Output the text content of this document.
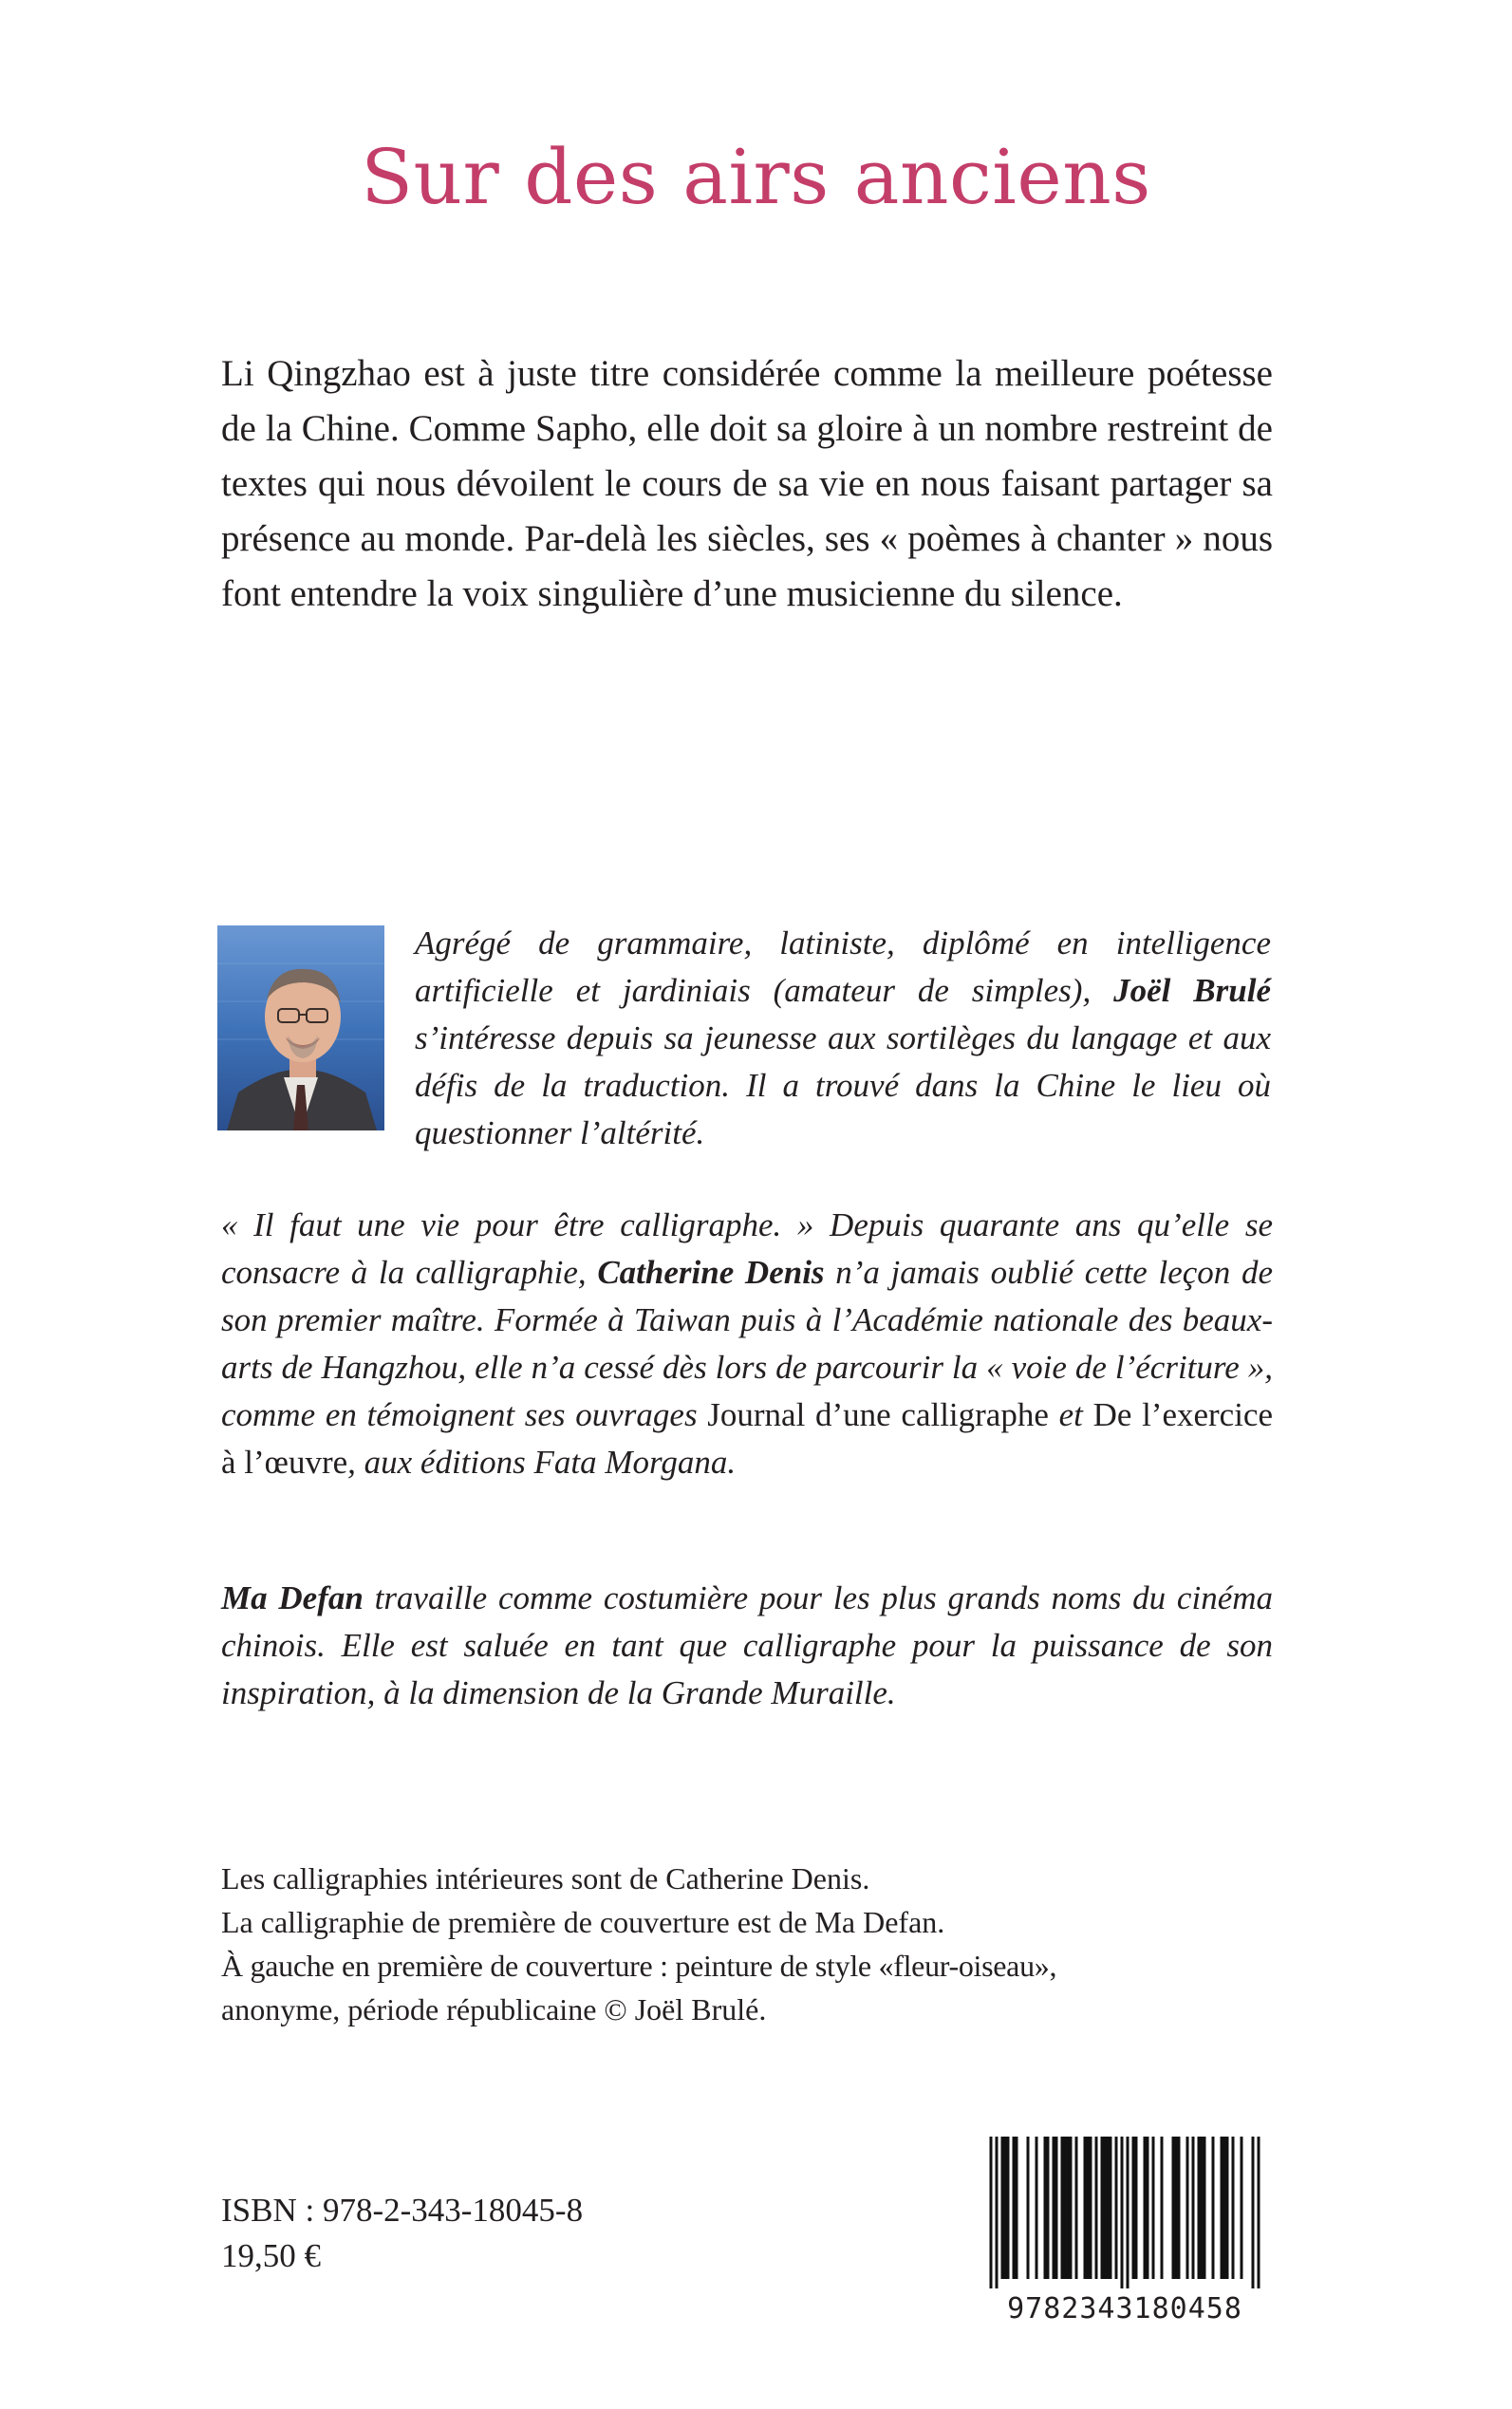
Sur des airs anciens

Li Qingzhao est à juste titre considérée comme la meilleure poétesse de la Chine. Comme Sapho, elle doit sa gloire à un nombre restreint de textes qui nous dévoilent le cours de sa vie en nous faisant partager sa présence au monde. Par-delà les siècles, ses « poèmes à chanter » nous font entendre la voix singulière d’une musicienne du silence.

Agrégé de grammaire, latiniste, diplômé en intelligence artificielle et jardiniais (amateur de simples), Joël Brulé s’intéresse depuis sa jeunesse aux sortilèges du langage et aux défis de la traduction. Il a trouvé dans la Chine le lieu où questionner l’altérité.

« Il faut une vie pour être calligraphe. » Depuis quarante ans qu’elle se consacre à la calligraphie, Catherine Denis n’a jamais oublié cette leçon de son premier maître. Formée à Taiwan puis à l’Académie nationale des beaux-arts de Hangzhou, elle n’a cessé dès lors de parcourir la « voie de l’écriture », comme en témoignent ses ouvrages Journal d’une calligraphe et De l’exercice à l’œuvre, aux éditions Fata Morgana.

Ma Defan travaille comme costumière pour les plus grands noms du cinéma chinois. Elle est saluée en tant que calligraphe pour la puissance de son inspiration, à la dimension de la Grande Muraille.

Les calligraphies intérieures sont de Catherine Denis.
La calligraphie de première de couverture est de Ma Defan.
À gauche en première de couverture : peinture de style «fleur-oiseau»,
anonyme, période républicaine © Joël Brulé.
ISBN : 978-2-343-18045-8
19,50 €
9782343180458
